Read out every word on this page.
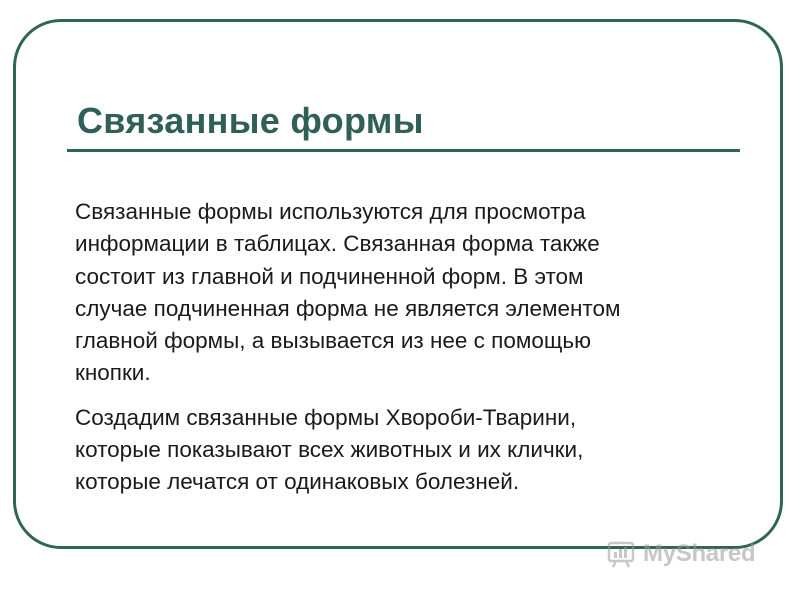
Связанные формы

Связанные формы используются для просмотра
информации в таблицах. Связанная форма также
состоит из главной и подчиненной форм. В этом
случае подчиненная форма не является элементом
главной формы, а вызывается из нее с помощью
кнопки.

Создадим связанные формы Хвороби-Тварини,
которые показывают всех животных и их клички,
которые лечатся от одинаковых болезней.

MyShared
